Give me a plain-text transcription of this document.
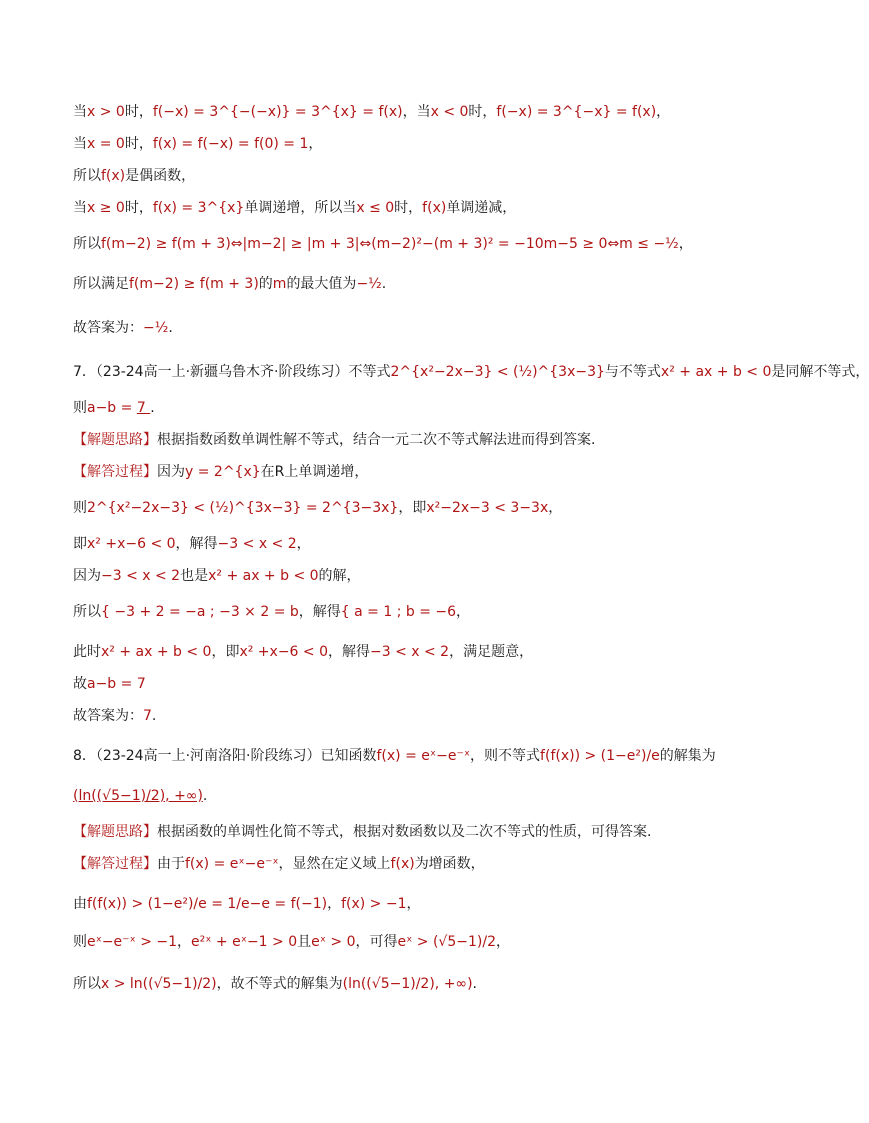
当x > 0时，f(−x) = 3^{−(−x)} = 3^{x} = f(x)，当x < 0时，f(−x) = 3^{−x} = f(x)，
当x = 0时，f(x) = f(−x) = f(0) = 1，
所以f(x)是偶函数，
当x ≥ 0时，f(x) = 3^{x}单调递增，所以当x ≤ 0时，f(x)单调递减，
所以f(m−2) ≥ f(m + 3)⇔|m−2| ≥ |m + 3|⇔(m−2)²−(m + 3)² = −10m−5 ≥ 0⇔m ≤ −½，
所以满足f(m−2) ≥ f(m + 3)的m的最大值为−½.
故答案为：−½.
7．（23-24高一上·新疆乌鲁木齐·阶段练习）不等式2^{x²−2x−3} < (½)^{3x−3}与不等式x² + ax + b < 0是同解不等式，
则a−b = 7 .
【解题思路】根据指数函数单调性解不等式，结合一元二次不等式解法进而得到答案.
【解答过程】因为y = 2^{x}在R上单调递增，
则2^{x²−2x−3} < (½)^{3x−3} = 2^{3−3x}，即x²−2x−3 < 3−3x，
即x² +x−6 < 0，解得−3 < x < 2，
因为−3 < x < 2也是x² + ax + b < 0的解，
所以{ −3 + 2 = −a ; −3 × 2 = b，解得{ a = 1 ; b = −6，
此时x² + ax + b < 0，即x² +x−6 < 0，解得−3 < x < 2，满足题意，
故a−b = 7
故答案为：7.
8．（23-24高一上·河南洛阳·阶段练习）已知函数f(x) = eˣ−e⁻ˣ，则不等式f(f(x)) > (1−e²)/e的解集为
(ln((√5−1)/2), +∞).
【解题思路】根据函数的单调性化简不等式，根据对数函数以及二次不等式的性质，可得答案.
【解答过程】由于f(x) = eˣ−e⁻ˣ，显然在定义域上f(x)为增函数，
由f(f(x)) > (1−e²)/e = 1/e−e = f(−1)，f(x) > −1，
则eˣ−e⁻ˣ > −1，e²ˣ + eˣ−1 > 0且eˣ > 0，可得eˣ > (√5−1)/2，
所以x > ln((√5−1)/2)，故不等式的解集为(ln((√5−1)/2), +∞).
